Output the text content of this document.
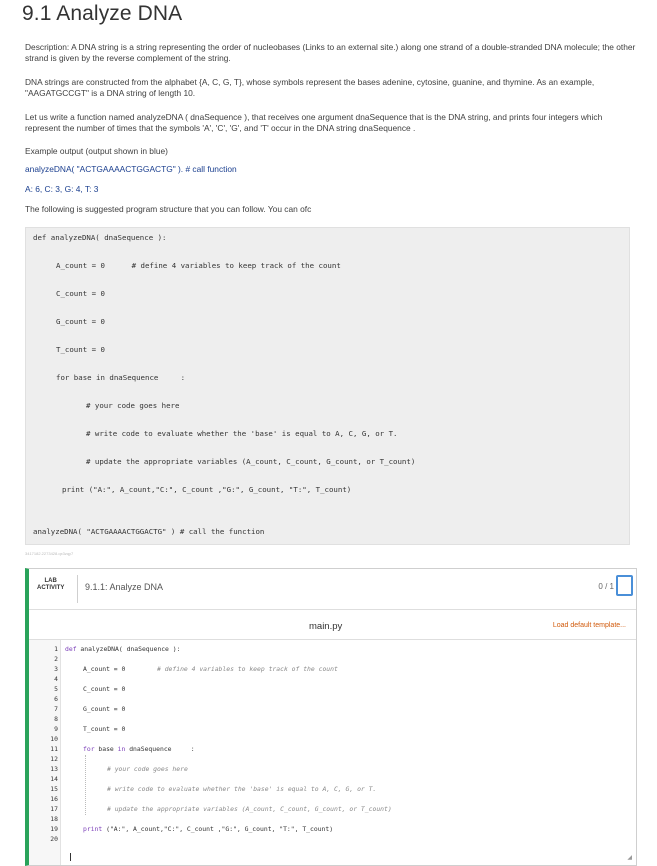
9.1 Analyze DNA
Description: A DNA string is a string representing the order of nucleobases (Links to an external site.) along one strand of a double-stranded DNA molecule; the other strand is given by the reverse complement of the string.
DNA strings are constructed from the alphabet {A, C, G, T}, whose symbols represent the bases adenine, cytosine, guanine, and thymine. As an example, "AAGATGCCGT" is a DNA string of length 10.
Let us write a function named analyzeDNA ( dnaSequence ), that receives one argument dnaSequence that is the DNA string, and prints four integers which represent the number of times that the symbols 'A', 'C', 'G', and 'T' occur in the DNA string dnaSequence .
Example output (output shown in blue)
analyzeDNA( "ACTGAAAACTGGACTG" ). # call function
A: 6, C: 3, G: 4, T: 3
The following is suggested program structure that you can follow. You can ofc
def analyzeDNA( dnaSequence ):
A_count = 0      # define 4 variables to keep track of the count
C_count = 0
G_count = 0
T_count = 0
for base in dnaSequence     :
# your code goes here
# write code to evaluate whether the 'base' is equal to A, C, G, or T.
# update the appropriate variables (A_count, C_count, G_count, or T_count)
print ("A:", A_count,"C:", C_count ,"G:", G_count, "T:", T_count)
analyzeDNA( "ACTGAAAACTGGACTG" ) # call the function
3417182.2273428.qx3zqy7
LAB
ACTIVITY 9.1.1: Analyze DNA	0 / 1
main.py	Load default template...
1
2
3
4
5
6
7
8
9
10
11
12
13
14
15
16
17
18
19
20
def analyzeDNA( dnaSequence ):
A_count = 0	# define 4 variables to keep track of the count
C_count = 0
G_count = 0
T_count = 0
for base in dnaSequence     :
# your code goes here
# write code to evaluate whether the 'base' is equal to A, C, G, or T.
# update the appropriate variables (A_count, C_count, G_count, or T_count)
print ("A:", A_count,"C:", C_count ,"G:", G_count, "T:", T_count)
◢
